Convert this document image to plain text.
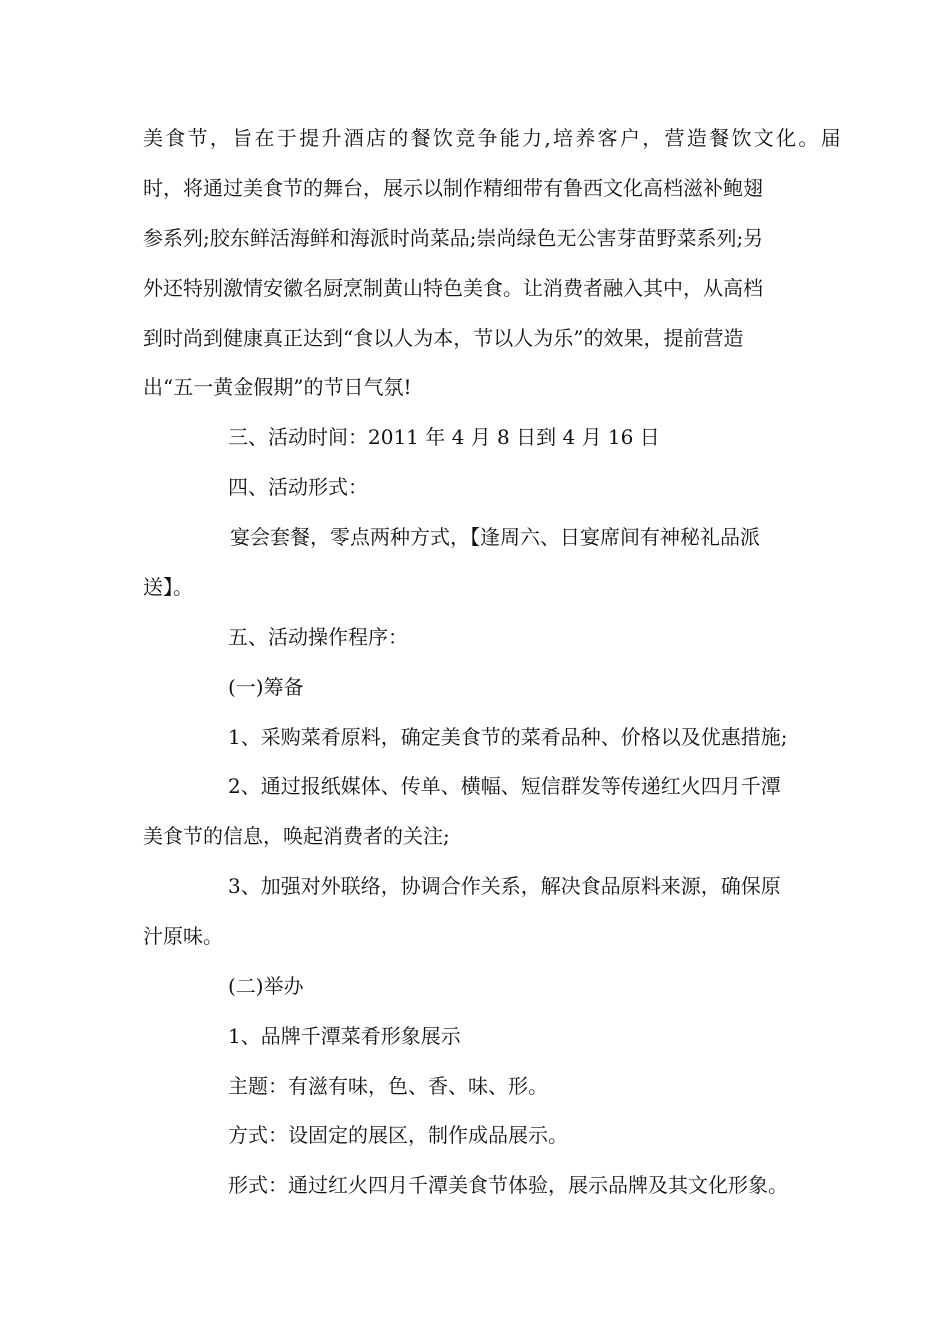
美食节，旨在于提升酒店的餐饮竞争能力,培养客户，营造餐饮文化。届
时，将通过美食节的舞台，展示以制作精细带有鲁西文化高档滋补鲍翅
参系列;胶东鲜活海鲜和海派时尚菜品;崇尚绿色无公害芽苗野菜系列;另
外还特别激情安徽名厨烹制黄山特色美食。让消费者融入其中，从高档
到时尚到健康真正达到“食以人为本，节以人为乐”的效果，提前营造
出“五一黄金假期”的节日气氛!
三、活动时间：2011 年 4 月 8 日到 4 月 16 日
四、活动形式：
宴会套餐，零点两种方式，【逢周六、日宴席间有神秘礼品派
送】。
五、活动操作程序：
(一)筹备
1、采购菜肴原料，确定美食节的菜肴品种、价格以及优惠措施;
2、通过报纸媒体、传单、横幅、短信群发等传递红火四月千潭
美食节的信息，唤起消费者的关注;
3、加强对外联络，协调合作关系，解决食品原料来源，确保原
汁原味。
(二)举办
1、品牌千潭菜肴形象展示
主题：有滋有味，色、香、味、形。
方式：设固定的展区，制作成品展示。
形式：通过红火四月千潭美食节体验，展示品牌及其文化形象。
